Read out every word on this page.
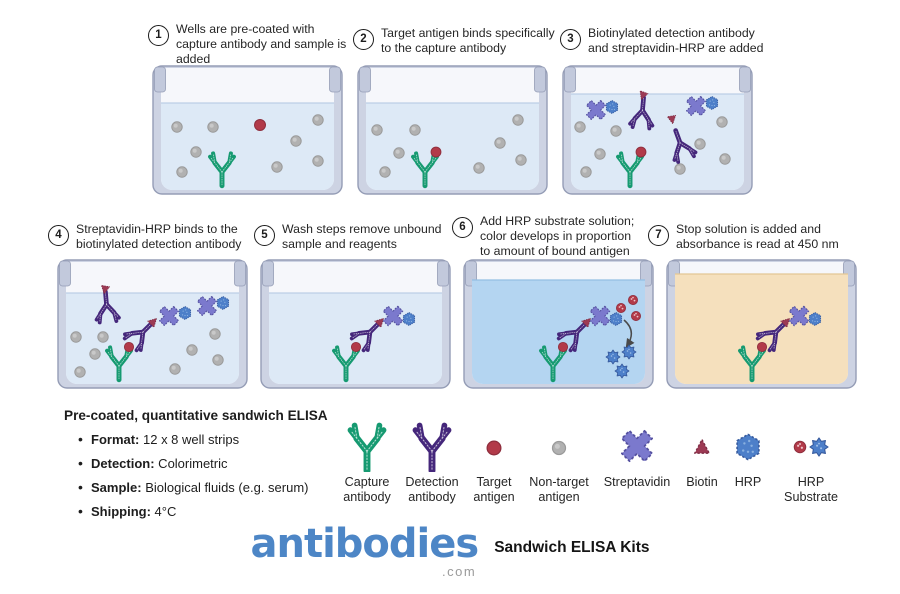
1	Wells are pre-coated with capture antibody and sample is added
2	Target antigen binds specifically to the capture antibody
3	Biotinylated detection antibody and streptavidin-HRP are added
4	Streptavidin-HRP binds to the biotinylated detection antibody
5	Wash steps remove unbound sample and reagents
6	Add HRP substrate solution; color develops in proportion to amount of bound antigen
7	Stop solution is added and absorbance is read at 450 nm
Pre-coated, quantitative sandwich ELISA
• Format: 12 x 8 well strips
• Detection: Colorimetric
• Sample: Biological fluids (e.g. serum)
• Shipping: 4°C
Capture antibody
Detection antibody
Target antigen
Non-target antigen
Streptavidin Biotin HRP	HRP Substrate
antibodies
.com
Sandwich ELISA Kits
